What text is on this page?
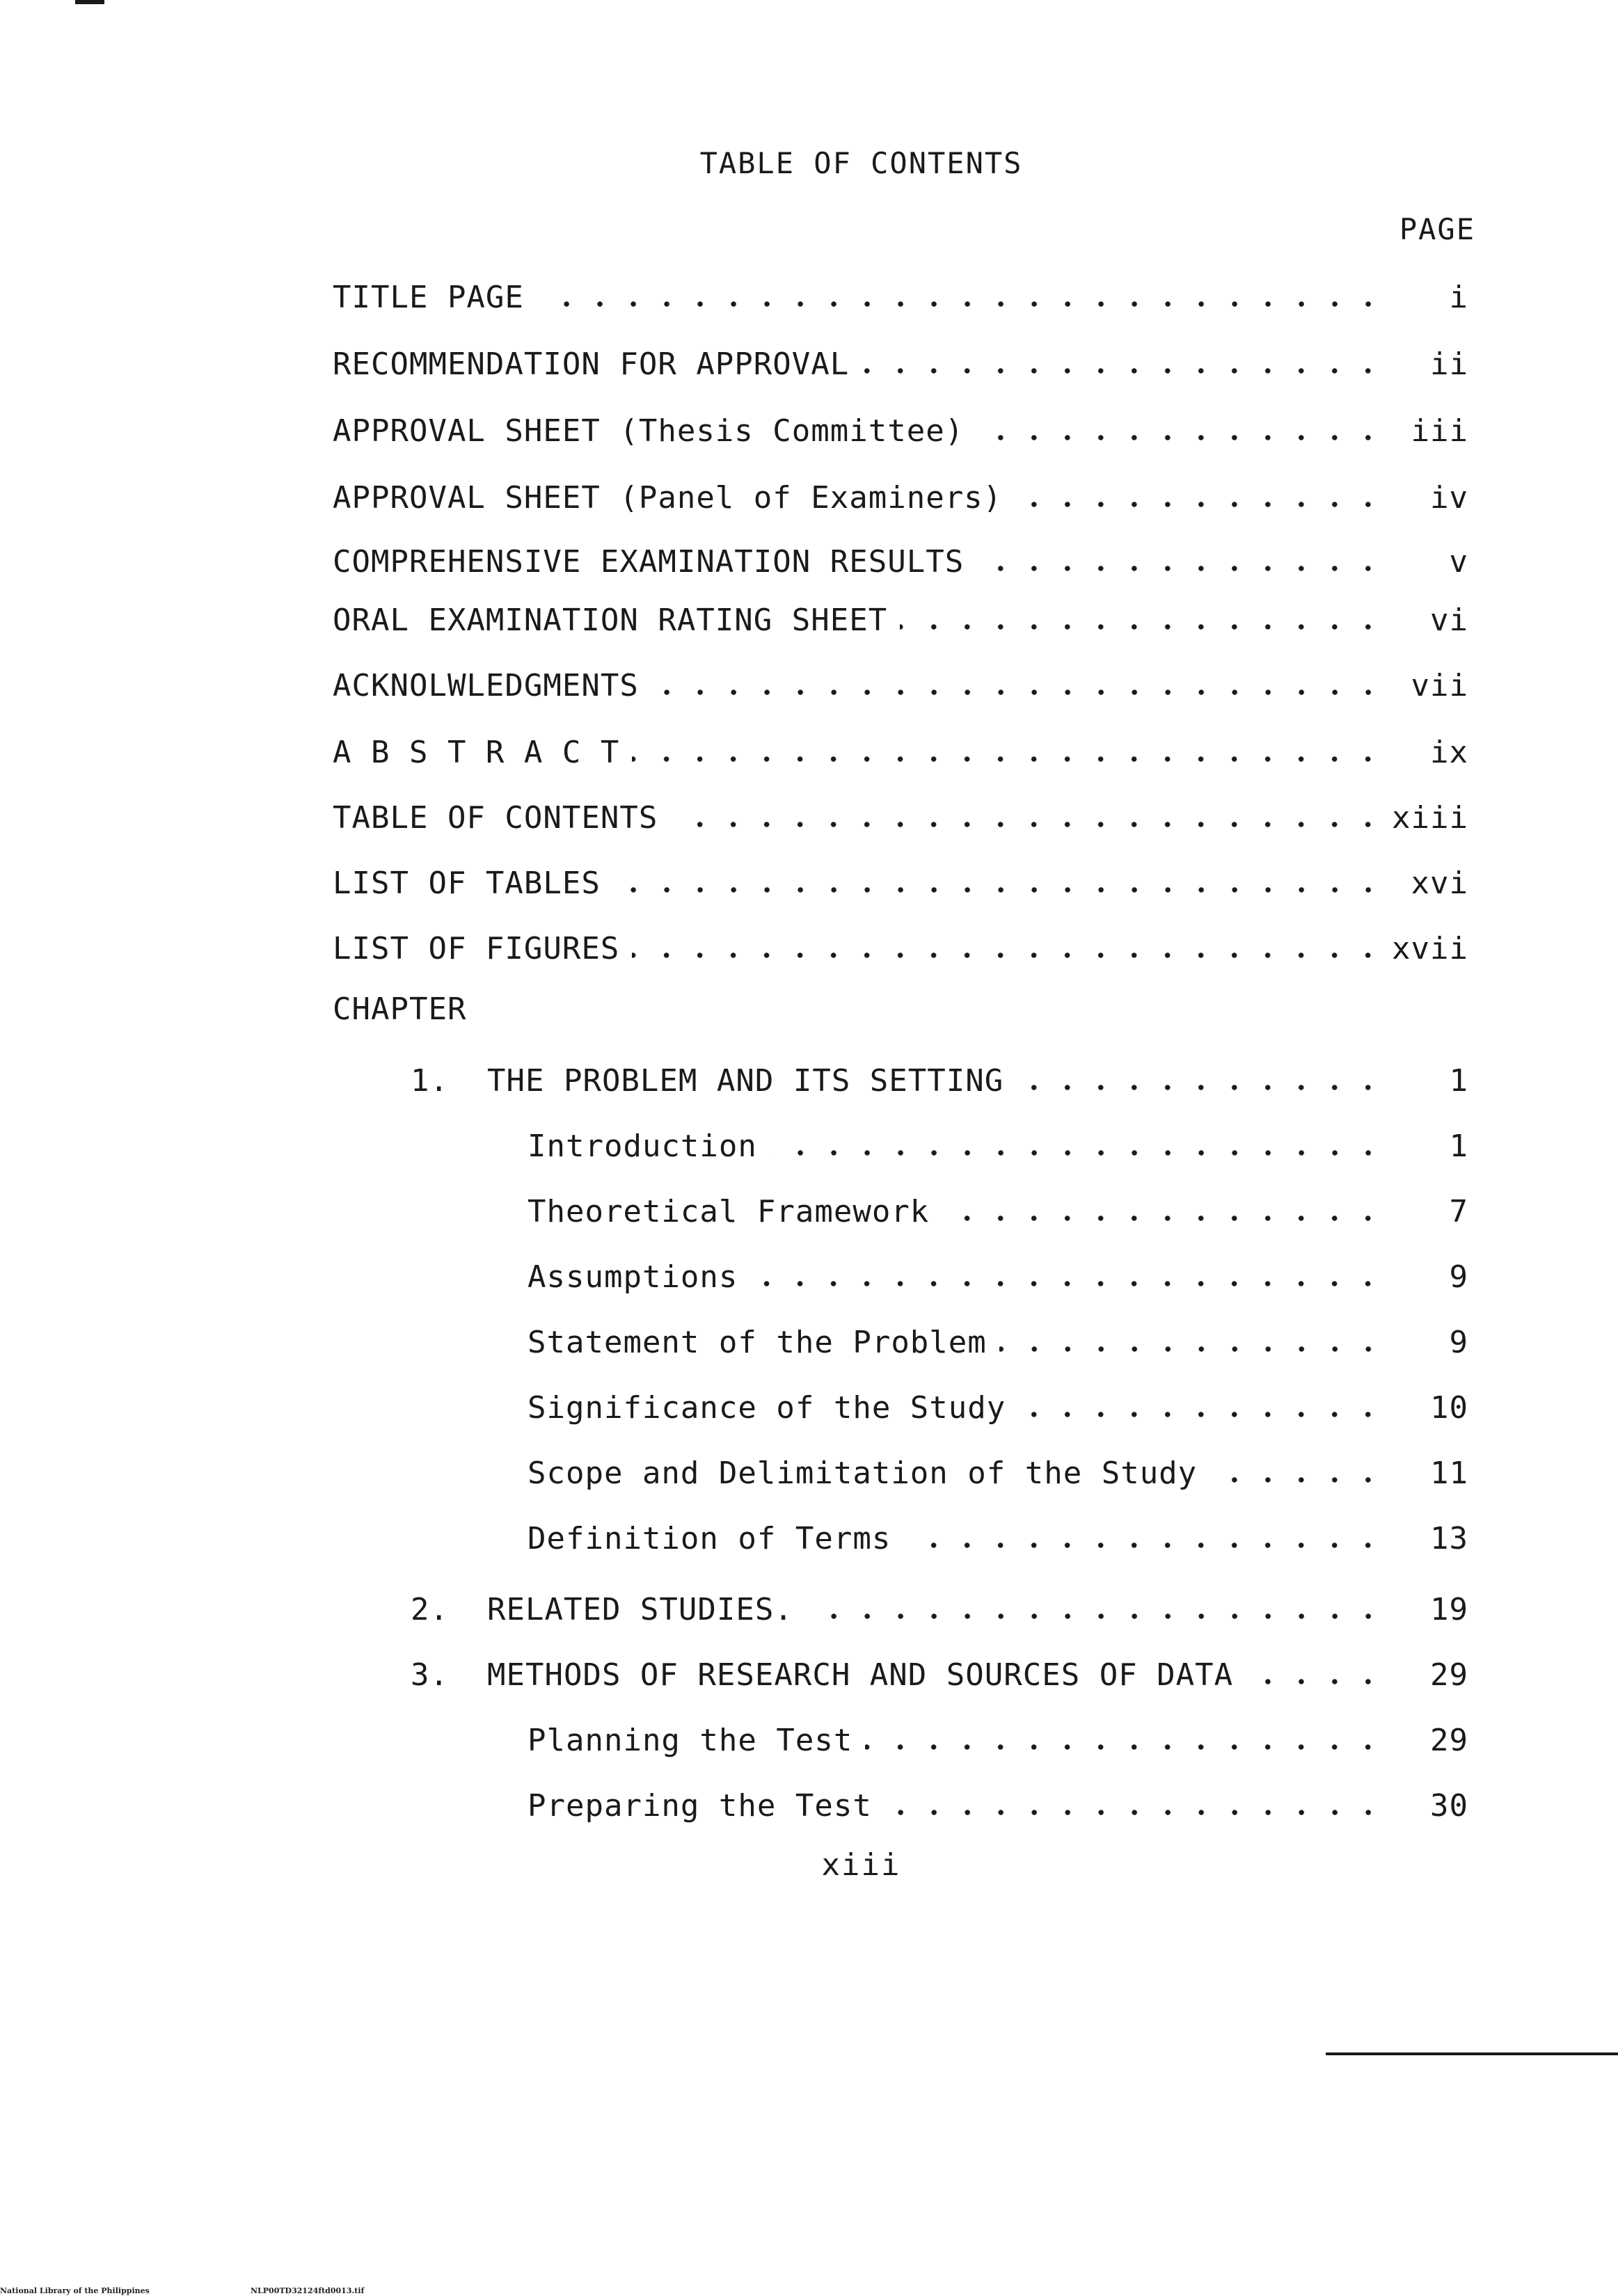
TABLE OF CONTENTS
PAGE
TITLE PAGE	i
RECOMMENDATION FOR APPROVAL	ii
APPROVAL SHEET (Thesis Committee)	iii
APPROVAL SHEET (Panel of Examiners)	iv
COMPREHENSIVE EXAMINATION RESULTS	v
ORAL EXAMINATION RATING SHEET	vi
ACKNOLWLEDGMENTS	vii
A B S T R A C T	ix
TABLE OF CONTENTS	xiii
LIST OF TABLES	xvi
LIST OF FIGURES	xvii
CHAPTER
1. THE PROBLEM AND ITS SETTING	1
Introduction	1
Theoretical Framework	7
Assumptions	9
Statement of the Problem	9
Significance of the Study	10
Scope and Delimitation of the Study	11
Definition of Terms	13
2. RELATED STUDIES.	19
3. METHODS OF RESEARCH AND SOURCES OF DATA	29
Planning the Test	29
Preparing the Test	30
xiii
National Library of the Philippines	NLP00TD32124ftd0013.tif
